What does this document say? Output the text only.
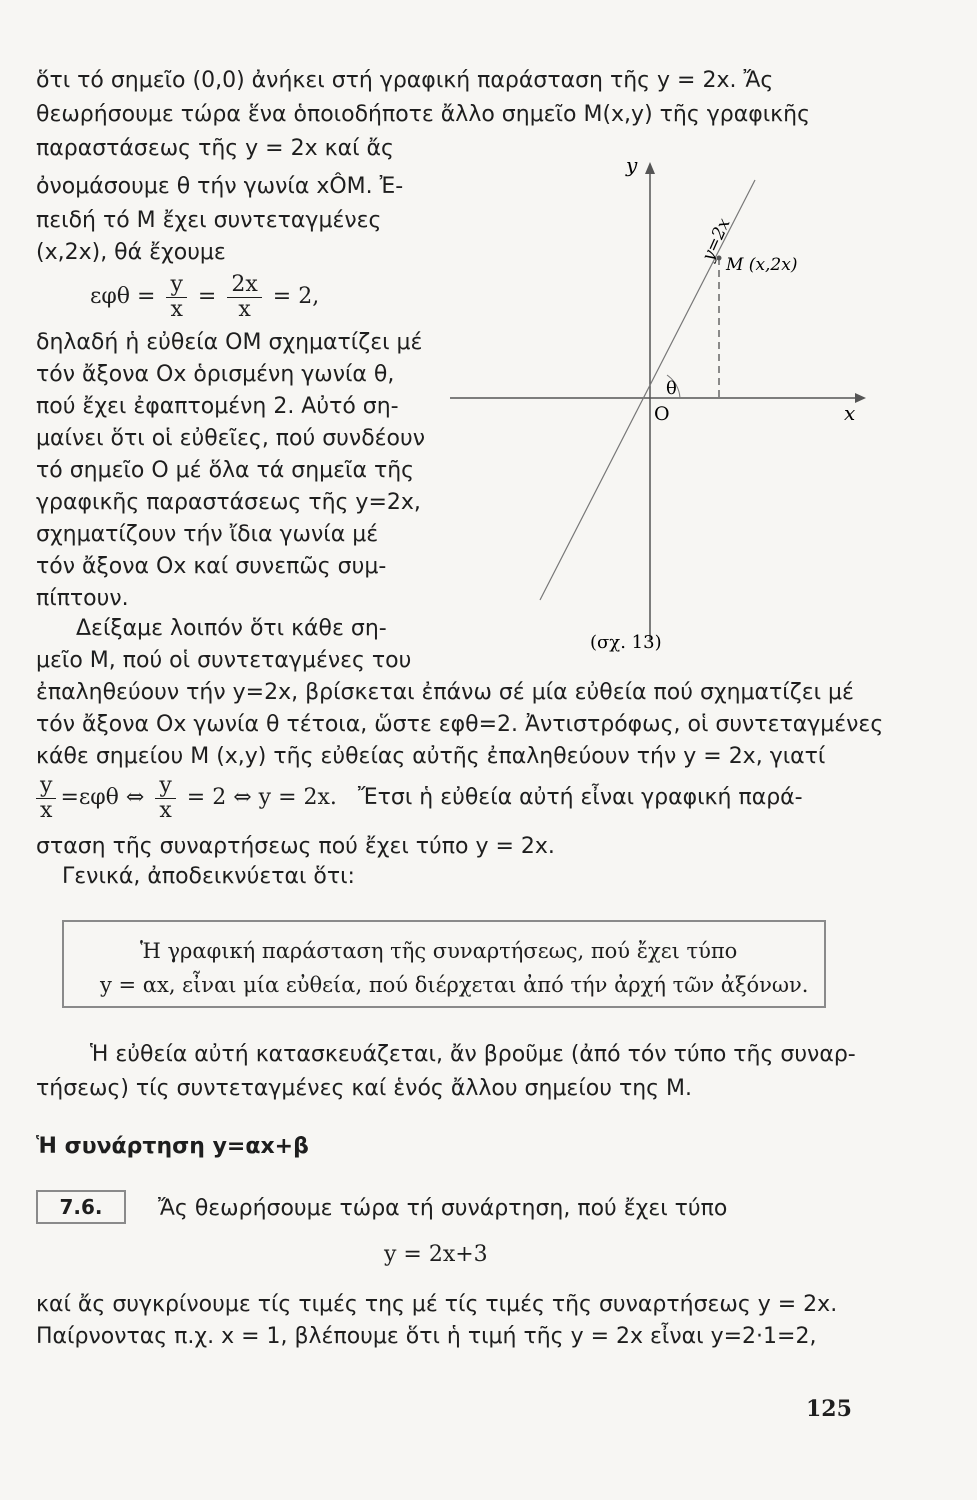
ὅτι τό σημεῖο (0,0) ἀνήκει στή γραφική παράσταση τῆς y = 2x. Ἄς
θεωρήσουμε τώρα ἕνα ὁποιοδήποτε ἄλλο σημεῖο M(x,y) τῆς γραφικῆς
παραστάσεως τῆς y = 2x καί ἄς
ὀνομάσουμε θ τήν γωνία xÔM. Ἐ-
πειδή τό M ἔχει συντεταγμένες
(x,2x), θά ἔχουμε
$\varepsilon\varphi\theta = \frac{y}{x} = \frac{2x}{x} = 2$,
δηλαδή ἡ εὐθεία OM σχηματίζει μέ
τόν ἄξονα Ox ὁρισμένη γωνία θ,
πού ἔχει ἐφαπτομένη 2. Αὐτό ση-
μαίνει ὅτι οἱ εὐθεῖες, πού συνδέουν
τό σημεῖο O μέ ὅλα τά σημεῖα τῆς
γραφικῆς παραστάσεως τῆς y=2x,
σχηματίζουν τήν ἴδια γωνία μέ
τόν ἄξονα Ox καί συνεπῶς συμ-
πίπτουν.
Δείξαμε λοιπόν ὅτι κάθε ση-
μεῖο M, πού οἱ συντεταγμένες του
ἐπαληθεύουν τήν y=2x, βρίσκεται ἐπάνω σέ μία εὐθεία πού σχηματίζει μέ
τόν ἄξονα Ox γωνία θ τέτοια, ὥστε εφθ=2. Ἀντιστρόφως, οἱ συντεταγμένες
κάθε σημείου M (x,y) τῆς εὐθείας αὐτῆς ἐπαληθεύουν τήν y = 2x, γιατί
$\frac{y}{x} =\varepsilon\varphi\theta$ ⇔ $\frac{y}{x} = 2$ ⇔ y = 2x. Ἔτσι ἡ εὐθεία αὐτή εἶναι γραφική παρά-
σταση τῆς συναρτήσεως πού ἔχει τύπο y = 2x.
Γενικά, ἀποδεικνύεται ὅτι:
Ἡ γραφική παράσταση τῆς συναρτήσεως, πού ἔχει τύπο
y = αx, εἶναι μία εὐθεία, πού διέρχεται ἀπό τήν ἀρχή τῶν ἀξόνων.
Ἡ εὐθεία αὐτή κατασκευάζεται, ἄν βροῦμε (ἀπό τόν τύπο τῆς συναρ-
τήσεως) τίς συντεταγμένες καί ἑνός ἄλλου σημείου της M.
Ἡ συνάρτηση y=αx+β
7.6.	Ἄς θεωρήσουμε τώρα τή συνάρτηση, πού ἔχει τύπο
y = 2x+3
καί ἄς συγκρίνουμε τίς τιμές της μέ τίς τιμές τῆς συναρτήσεως y = 2x.
Παίρνοντας π.χ. x = 1, βλέπουμε ὅτι ἡ τιμή τῆς y = 2x εἶναι y=2·1=2,
125
y
x
O
θ
M (x,2x)
y=2x
(σχ. 13)
